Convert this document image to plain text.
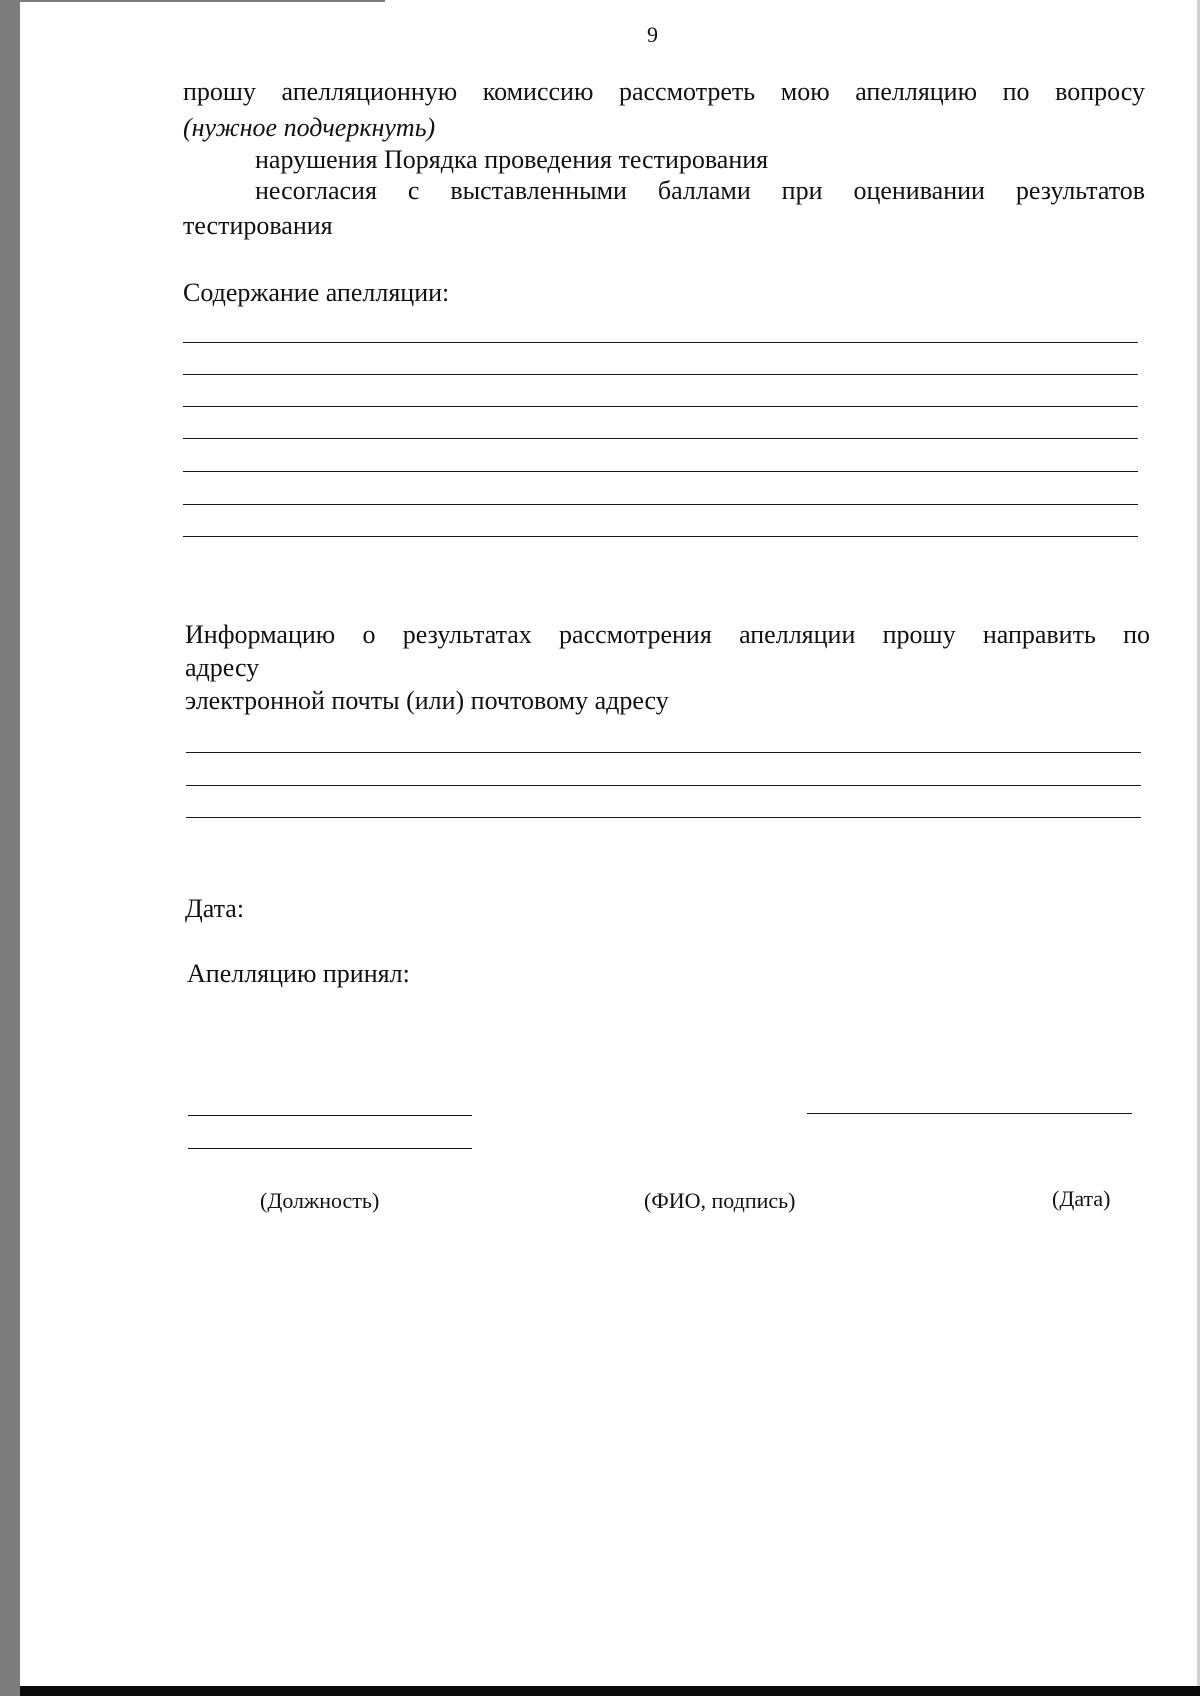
9
прошу апелляционную комиссию рассмотреть мою апелляцию по вопросу
(нужное подчеркнуть)
нарушения Порядка проведения тестирования
несогласия с выставленными баллами при оценивании результатов
тестирования
Содержание апелляции:
Информацию о результатах рассмотрения апелляции прошу направить по
адресу
электронной почты (или) почтовому адресу
Дата:
Апелляцию принял:
(Должность)	(ФИО, подпись)	(Дата)
